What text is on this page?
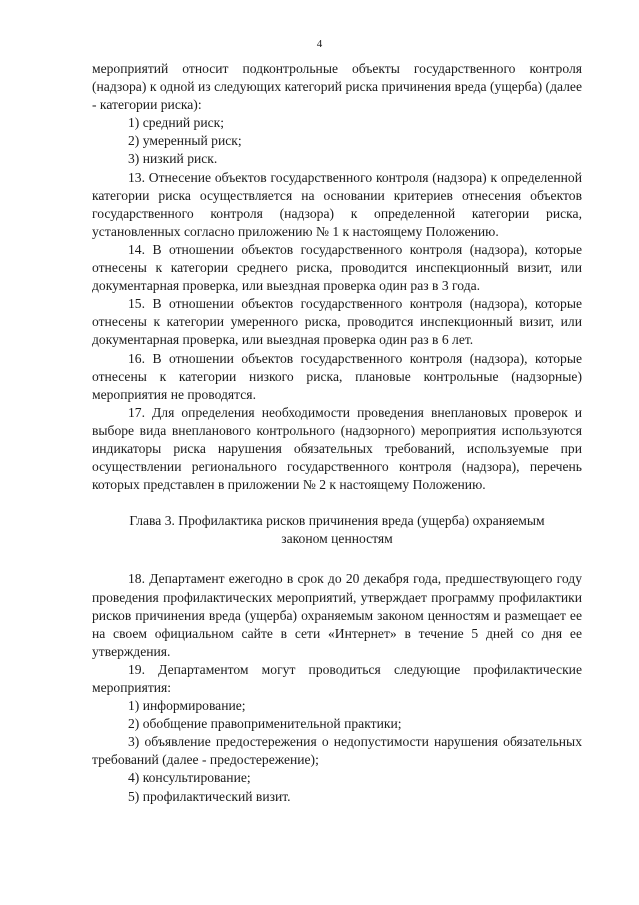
4

мероприятий относит подконтрольные объекты государственного контроля (надзора) к одной из следующих категорий риска причинения вреда (ущерба) (далее - категории риска):

1) средний риск;

2) умеренный риск;

3) низкий риск.

13. Отнесение объектов государственного контроля (надзора) к определенной категории риска осуществляется на основании критериев отнесения объектов государственного контроля (надзора) к определенной категории риска, установленных согласно приложению № 1 к настоящему Положению.

14. В отношении объектов государственного контроля (надзора), которые отнесены к категории среднего риска, проводится инспекционный визит, или документарная проверка, или выездная проверка один раз в 3 года.

15. В отношении объектов государственного контроля (надзора), которые отнесены к категории умеренного риска, проводится инспекционный визит, или документарная проверка, или выездная проверка один раз в 6 лет.

16. В отношении объектов государственного контроля (надзора), которые отнесены к категории низкого риска, плановые контрольные (надзорные) мероприятия не проводятся.

17. Для определения необходимости проведения внеплановых проверок и выборе вида внепланового контрольного (надзорного) мероприятия используются индикаторы риска нарушения обязательных требований, используемые при осуществлении регионального государственного контроля (надзора), перечень которых представлен в приложении № 2 к настоящему Положению.

Глава 3. Профилактика рисков причинения вреда (ущерба) охраняемым
законом ценностям

18. Департамент ежегодно в срок до 20 декабря года, предшествующего году проведения профилактических мероприятий, утверждает программу профилактики рисков причинения вреда (ущерба) охраняемым законом ценностям и размещает ее на своем официальном сайте в сети «Интернет» в течение 5 дней со дня ее утверждения.

19. Департаментом могут проводиться следующие профилактические мероприятия:

1) информирование;

2) обобщение правоприменительной практики;

3) объявление предостережения о недопустимости нарушения обязательных требований (далее - предостережение);

4) консультирование;

5) профилактический визит.
